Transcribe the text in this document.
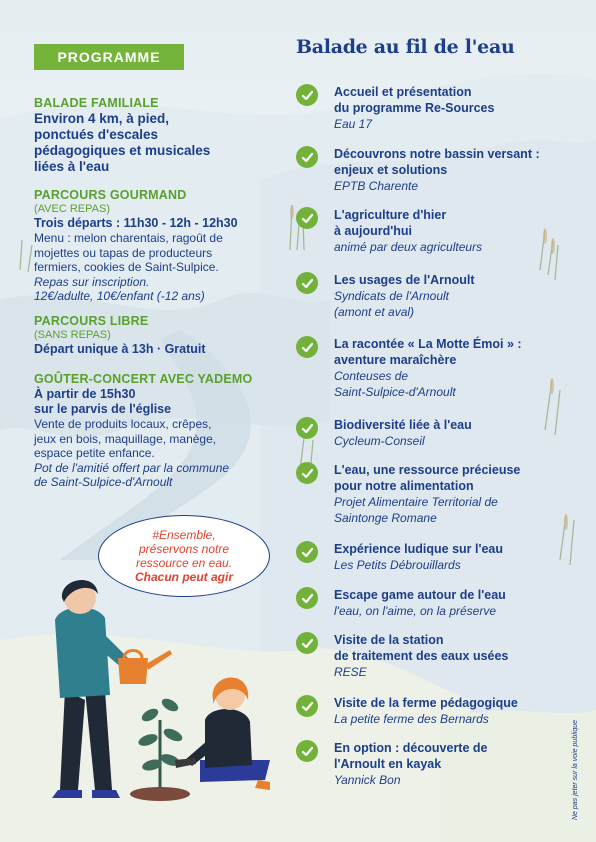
PROGRAMME
BALADE FAMILIALE
Environ 4 km, à pied,
ponctués d'escales
pédagogiques et musicales
liées à l'eau
PARCOURS GOURMAND
(AVEC REPAS)
Trois départs : 11h30 - 12h - 12h30
Menu : melon charentais, ragoût de
mojettes ou tapas de producteurs
fermiers, cookies de Saint-Sulpice.
Repas sur inscription.
12€/adulte, 10€/enfant (-12 ans)
PARCOURS LIBRE
(SANS REPAS)
Départ unique à 13h · Gratuit
GOÛTER-CONCERT AVEC YADEMO
À partir de 15h30
sur le parvis de l'église
Vente de produits locaux, crêpes,
jeux en bois, maquillage, manège,
espace petite enfance.
Pot de l'amitié offert par la commune
de Saint-Sulpice-d'Arnoult
#Ensemble,
préservons notre
ressource en eau.
Chacun peut agir
Balade au fil de l'eau
Accueil et présentation
du programme Re-Sources
Eau 17
Découvrons notre bassin versant :
enjeux et solutions
EPTB Charente
L'agriculture d'hier
à aujourd'hui
animé par deux agriculteurs
Les usages de l'Arnoult
Syndicats de l'Arnoult
(amont et aval)
La racontée « La Motte Émoi » :
aventure maraîchère
Conteuses de
Saint-Sulpice-d'Arnoult
Biodiversité liée à l'eau
Cycleum-Conseil
L'eau, une ressource précieuse
pour notre alimentation
Projet Alimentaire Territorial de
Saintonge Romane
Expérience ludique sur l'eau
Les Petits Débrouillards
Escape game autour de l'eau
l'eau, on l'aime, on la préserve
Visite de la station
de traitement des eaux usées
RESE
Visite de la ferme pédagogique
La petite ferme des Bernards
En option : découverte de
l'Arnoult en kayak
Yannick Bon	Ne pas jeter sur la voie publique
